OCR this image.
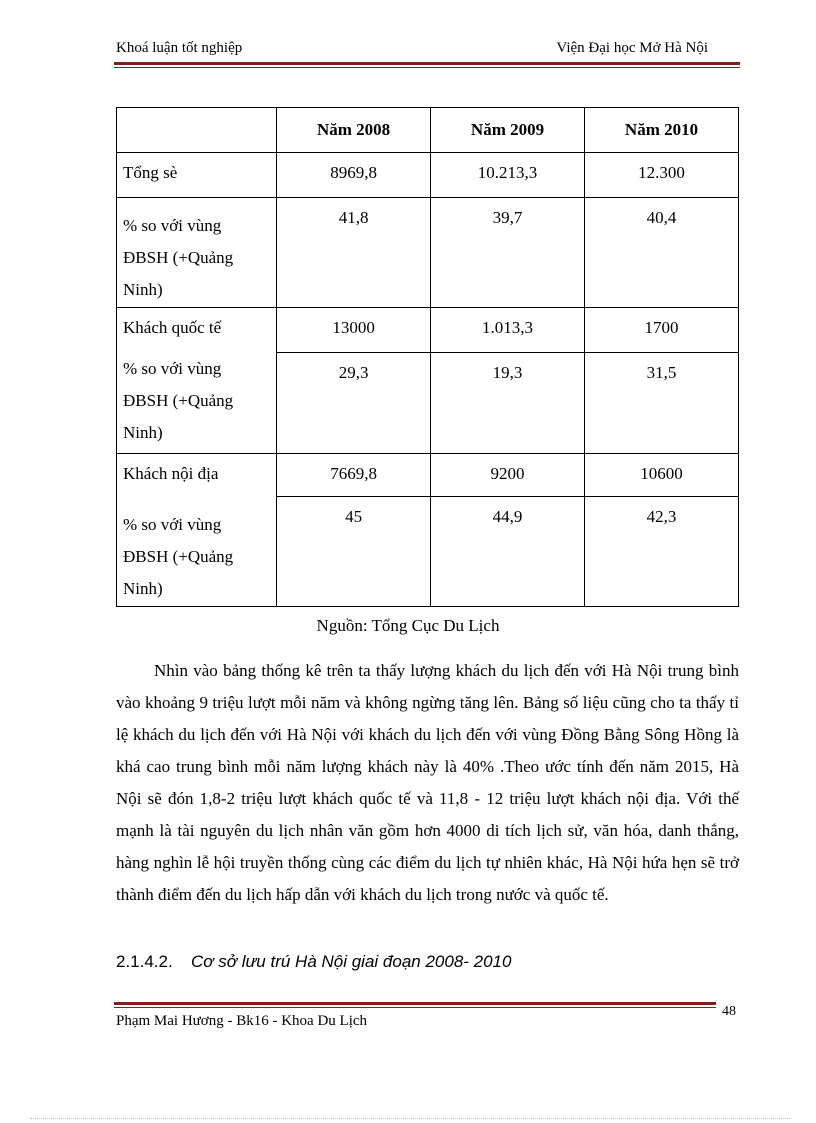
Khoá luận tốt nghiệp	Viện Đại học Mở Hà Nội
	Năm 2008	Năm 2009	Năm 2010
Tổng sè	8969,8	10.213,3	12.300
% so với vùng ĐBSH (+Quảng Ninh)	41,8	39,7	40,4
Khách quốc tế	13000	1.013,3	1700
% so với vùng ĐBSH (+Quảng Ninh)	29,3	19,3	31,5
Khách nội địa	7669,8	9200	10600
% so với vùng ĐBSH (+Quảng Ninh)	45	44,9	42,3
Nguồn: Tổng Cục Du Lịch

Nhìn vào bảng thống kê trên ta thấy lượng khách du lịch đến với Hà Nội trung bình vào khoảng 9 triệu lượt mỗi năm và không ngừng tăng lên. Bảng số liệu cũng cho ta thấy tỉ lệ khách du lịch đến với Hà Nội với khách du lịch đến với vùng Đồng Bằng Sông Hồng là khá cao trung bình mỗi năm lượng khách này là 40% .Theo ước tính đến năm 2015, Hà Nội sẽ đón 1,8-2 triệu lượt khách quốc tế và 11,8 - 12 triệu lượt khách nội địa. Với thế mạnh là tài nguyên du lịch nhân văn gồm hơn 4000 di tích lịch sử, văn hóa, danh thắng, hàng nghìn lễ hội truyền thống cùng các điểm du lịch tự nhiên khác, Hà Nội hứa hẹn sẽ trở thành điểm đến du lịch hấp dẫn với khách du lịch trong nước và quốc tế.

2.1.4.2. Cơ sở lưu trú Hà Nội giai đoạn 2008- 2010
48
Phạm Mai Hương - Bk16 - Khoa Du Lịch
